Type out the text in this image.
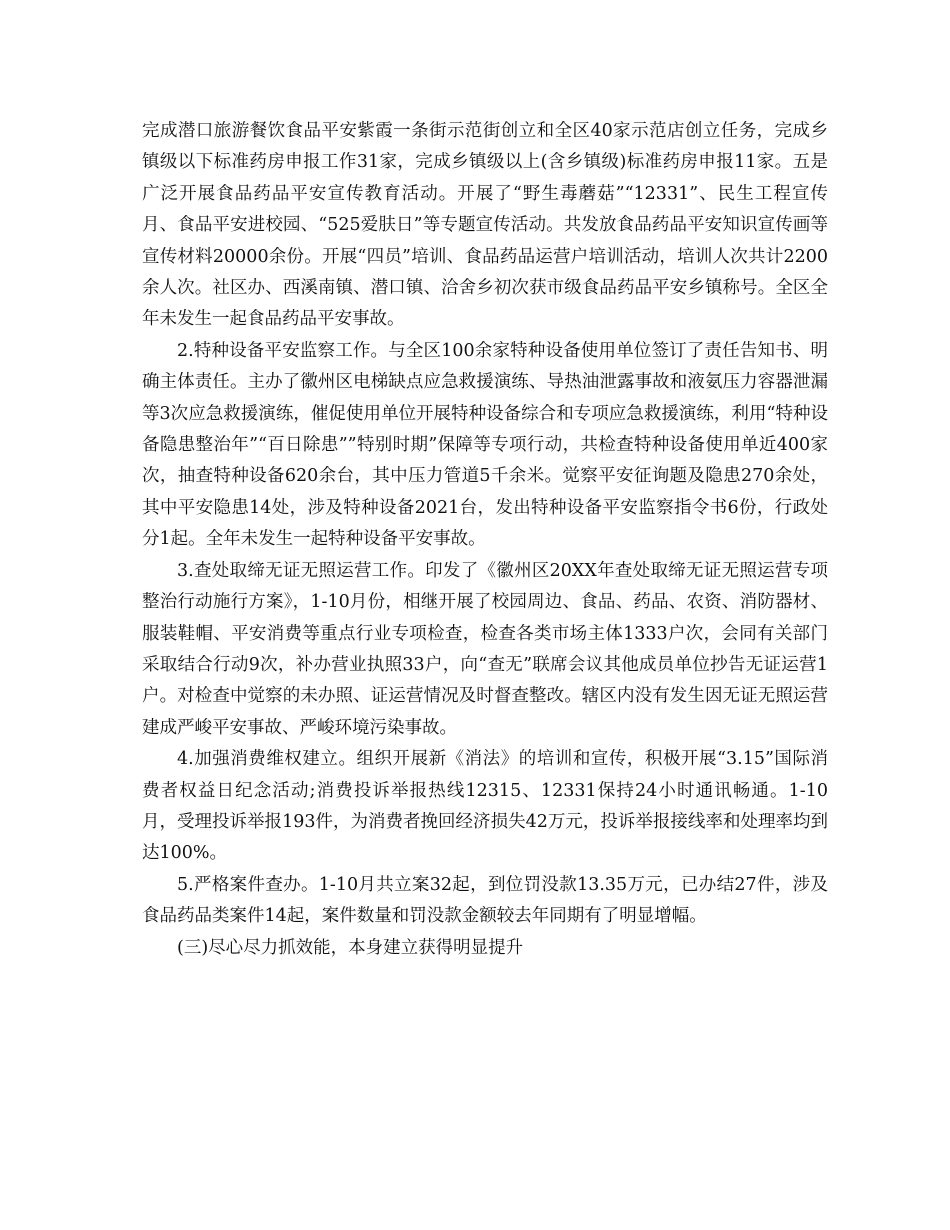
完成潜口旅游餐饮食品平安紫霞一条街示范街创立和全区40家示范店创立任务，完成乡镇级以下标准药房申报工作31家，完成乡镇级以上(含乡镇级)标准药房申报11家。五是广泛开展食品药品平安宣传教育活动。开展了“野生毒蘑菇”“12331”、民生工程宣传月、食品平安进校园、“525爱肤日”等专题宣传活动。共发放食品药品平安知识宣传画等宣传材料20000余份。开展“四员”培训、食品药品运营户培训活动，培训人次共计2200余人次。社区办、西溪南镇、潜口镇、洽舍乡初次获市级食品药品平安乡镇称号。全区全年未发生一起食品药品平安事故。

2.特种设备平安监察工作。与全区100余家特种设备使用单位签订了责任告知书、明确主体责任。主办了徽州区电梯缺点应急救援演练、导热油泄露事故和液氨压力容器泄漏等3次应急救援演练，催促使用单位开展特种设备综合和专项应急救援演练，利用“特种设备隐患整治年”“百日除患””特别时期”保障等专项行动，共检查特种设备使用单近400家次，抽查特种设备620余台，其中压力管道5千余米。觉察平安征询题及隐患270余处，其中平安隐患14处，涉及特种设备2021台，发出特种设备平安监察指令书6份，行政处分1起。全年未发生一起特种设备平安事故。

3.查处取缔无证无照运营工作。印发了《徽州区20XX年查处取缔无证无照运营专项整治行动施行方案》，1-10月份，相继开展了校园周边、食品、药品、农资、消防器材、服装鞋帽、平安消费等重点行业专项检查，检查各类市场主体1333户次，会同有关部门采取结合行动9次，补办营业执照33户，向“查无”联席会议其他成员单位抄告无证运营1户。对检查中觉察的未办照、证运营情况及时督查整改。辖区内没有发生因无证无照运营建成严峻平安事故、严峻环境污染事故。

4.加强消费维权建立。组织开展新《消法》的培训和宣传，积极开展“3.15”国际消费者权益日纪念活动;消费投诉举报热线12315、12331保持24小时通讯畅通。1-10月，受理投诉举报193件，为消费者挽回经济损失42万元，投诉举报接线率和处理率均到达100%。

5.严格案件查办。1-10月共立案32起，到位罚没款13.35万元，已办结27件，涉及食品药品类案件14起，案件数量和罚没款金额较去年同期有了明显增幅。

(三)尽心尽力抓效能，本身建立获得明显提升
